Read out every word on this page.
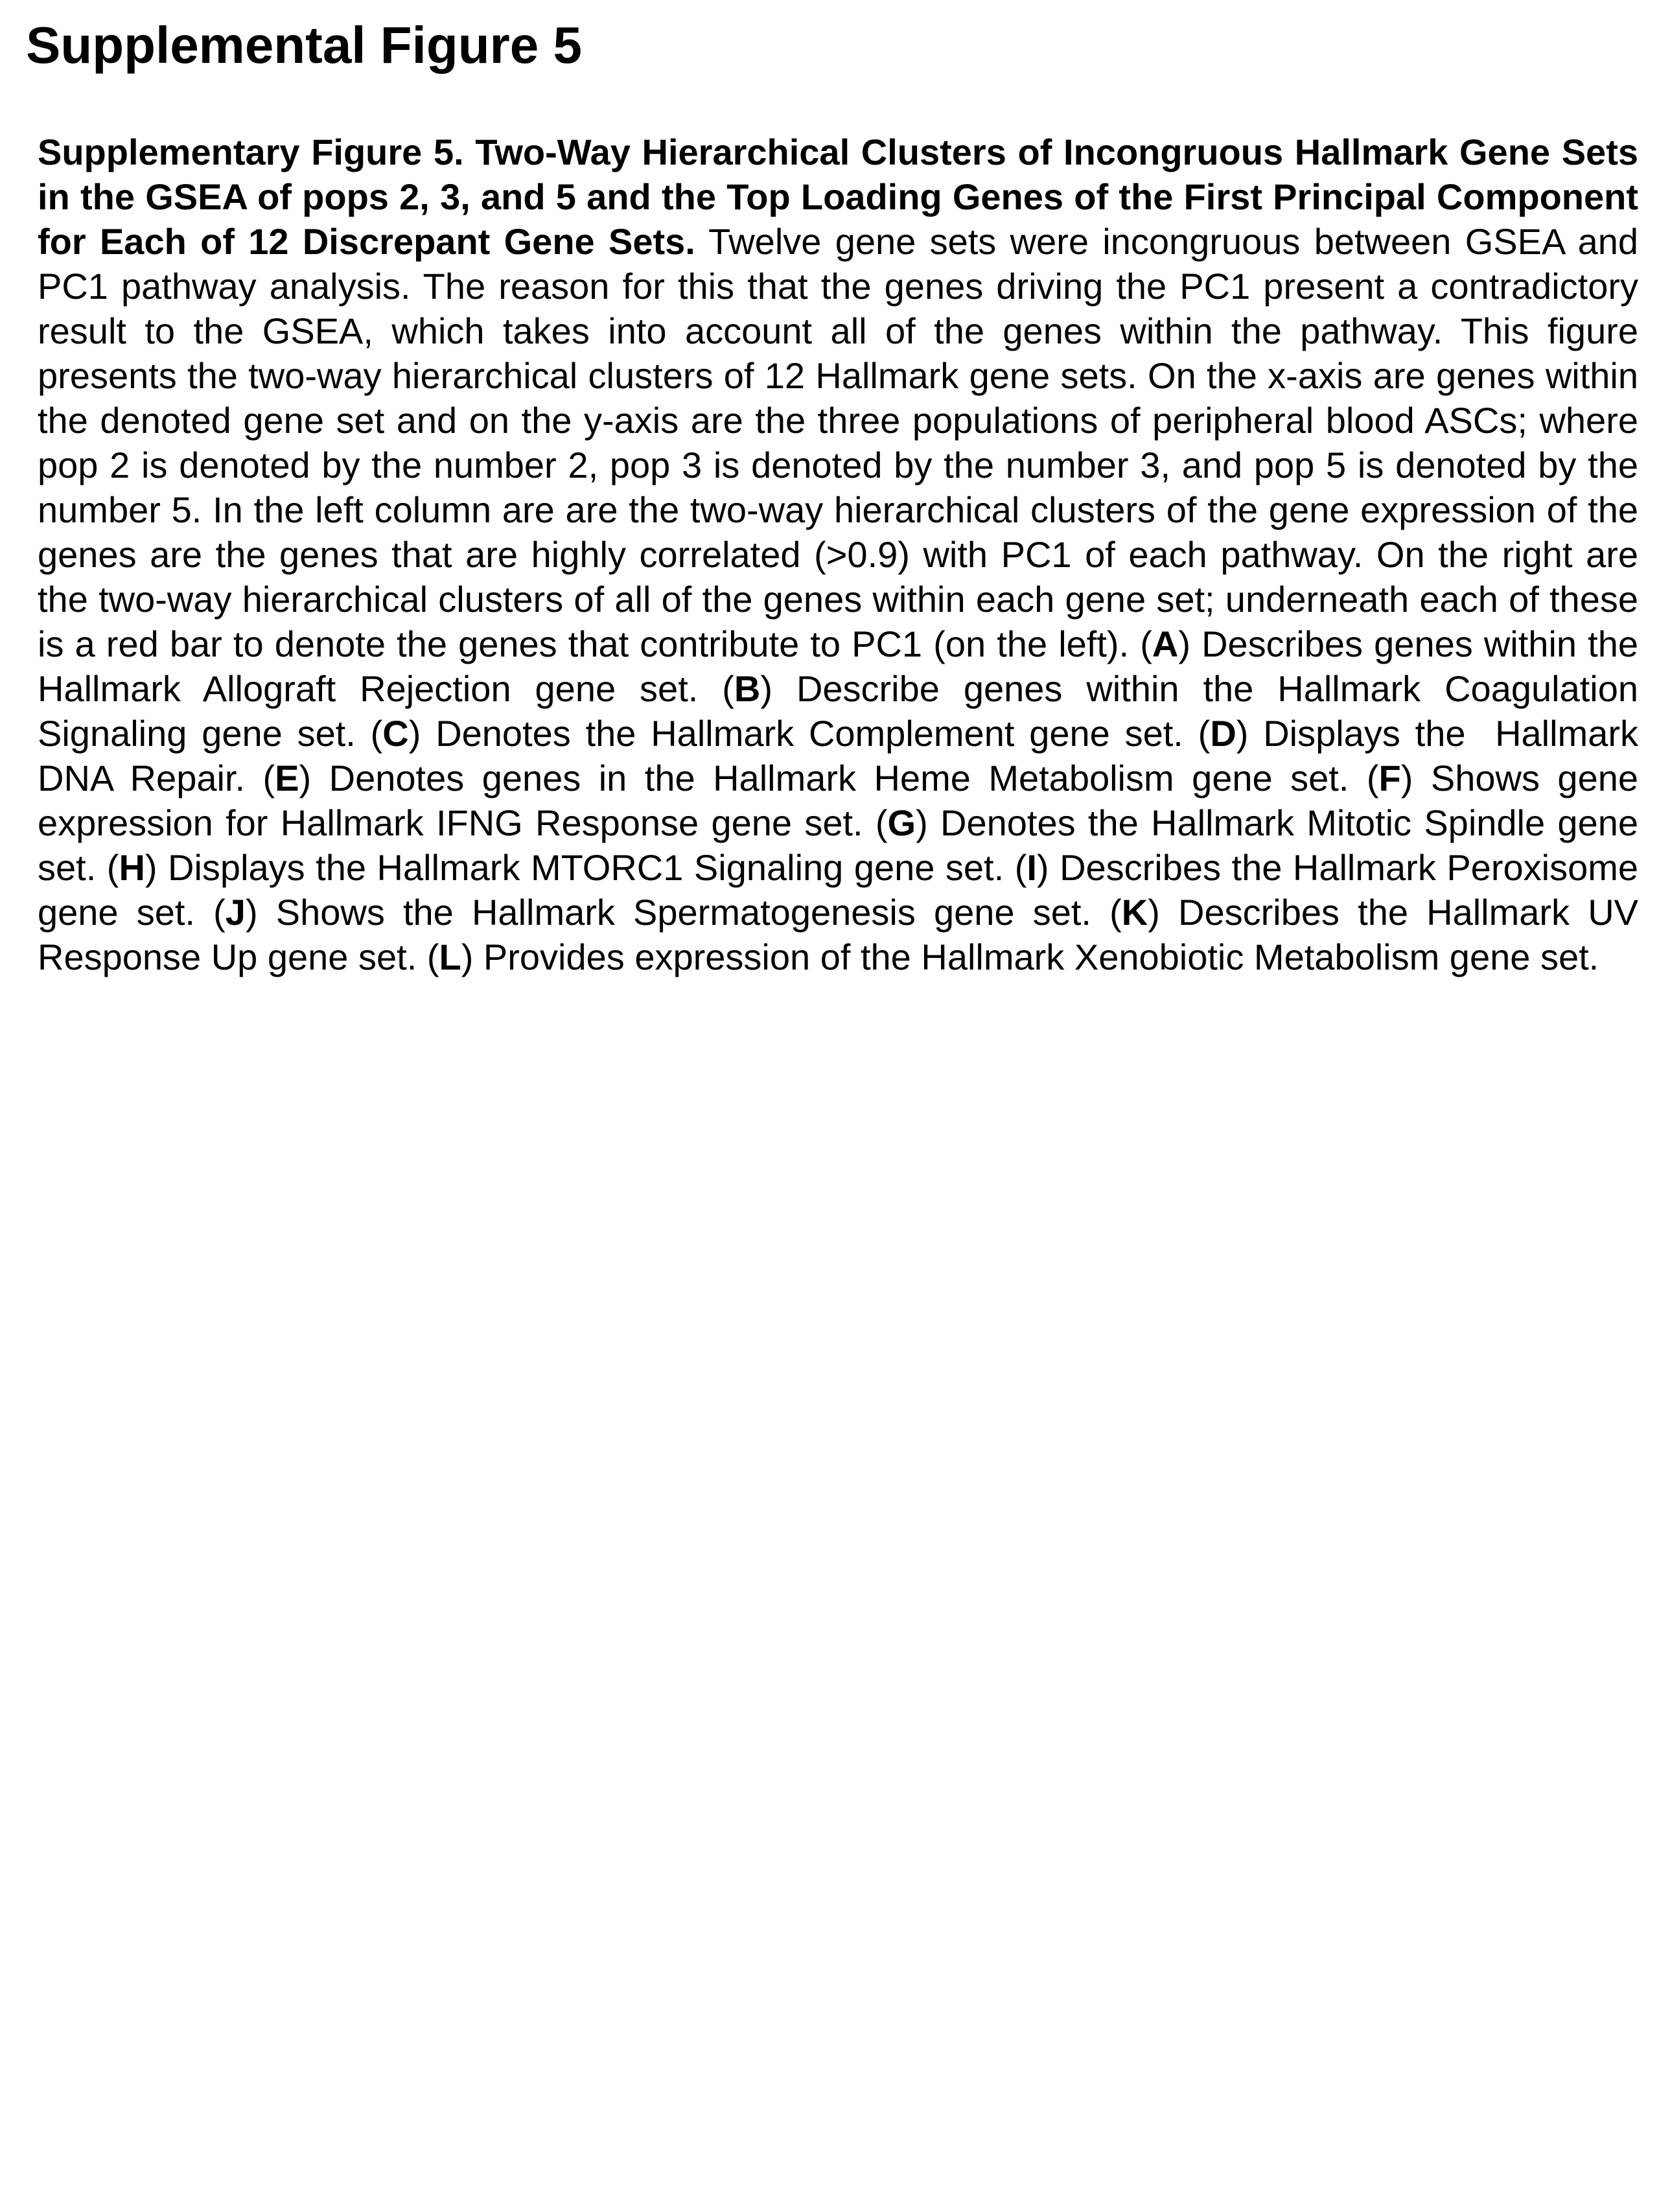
Supplemental Figure 5

Supplementary Figure 5. Two-Way Hierarchical Clusters of Incongruous Hallmark Gene Sets in the GSEA of pops 2, 3, and 5 and the Top Loading Genes of the First Principal Component for Each of 12 Discrepant Gene Sets. Twelve gene sets were incongruous between GSEA and PC1 pathway analysis. The reason for this that the genes driving the PC1 present a contradictory result to the GSEA, which takes into account all of the genes within the pathway. This figure presents the two-way hierarchical clusters of 12 Hallmark gene sets. On the x-axis are genes within the denoted gene set and on the y-axis are the three populations of peripheral blood ASCs; where pop 2 is denoted by the number 2, pop 3 is denoted by the number 3, and pop 5 is denoted by the number 5. In the left column are are the two-way hierarchical clusters of the gene expression of the genes are the genes that are highly correlated (>0.9) with PC1 of each pathway. On the right are the two-way hierarchical clusters of all of the genes within each gene set; underneath each of these is a red bar to denote the genes that contribute to PC1 (on the left). (A) Describes genes within the Hallmark Allograft Rejection gene set. (B) Describe genes within the Hallmark Coagulation Signaling gene set. (C) Denotes the Hallmark Complement gene set. (D) Displays the  Hallmark DNA Repair. (E) Denotes genes in the Hallmark Heme Metabolism gene set. (F) Shows gene expression for Hallmark IFNG Response gene set. (G) Denotes the Hallmark Mitotic Spindle gene set. (H) Displays the Hallmark MTORC1 Signaling gene set. (I) Describes the Hallmark Peroxisome gene set. (J) Shows the Hallmark Spermatogenesis gene set. (K) Describes the Hallmark UV Response Up gene set. (L) Provides expression of the Hallmark Xenobiotic Metabolism gene set.
